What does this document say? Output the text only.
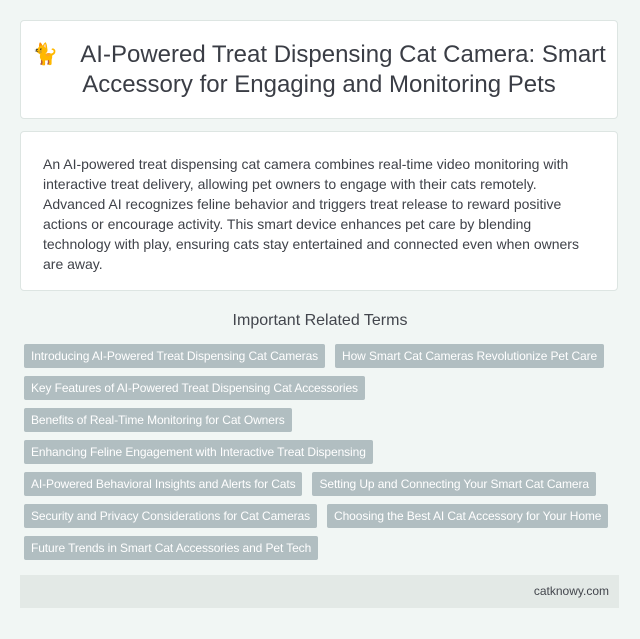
🐈 AI-Powered Treat Dispensing Cat Camera: Smart Accessory for Engaging and Monitoring Pets

An AI-powered treat dispensing cat camera combines real-time video monitoring with interactive treat delivery, allowing pet owners to engage with their cats remotely. Advanced AI recognizes feline behavior and triggers treat release to reward positive actions or encourage activity. This smart device enhances pet care by blending technology with play, ensuring cats stay entertained and connected even when owners are away.

Important Related Terms
Introducing AI-Powered Treat Dispensing Cat Cameras How Smart Cat Cameras Revolutionize Pet Care
Key Features of AI-Powered Treat Dispensing Cat Accessories
Benefits of Real-Time Monitoring for Cat Owners
Enhancing Feline Engagement with Interactive Treat Dispensing
AI-Powered Behavioral Insights and Alerts for Cats Setting Up and Connecting Your Smart Cat Camera
Security and Privacy Considerations for Cat Cameras Choosing the Best AI Cat Accessory for Your Home
Future Trends in Smart Cat Accessories and Pet Tech
catknowy.com
